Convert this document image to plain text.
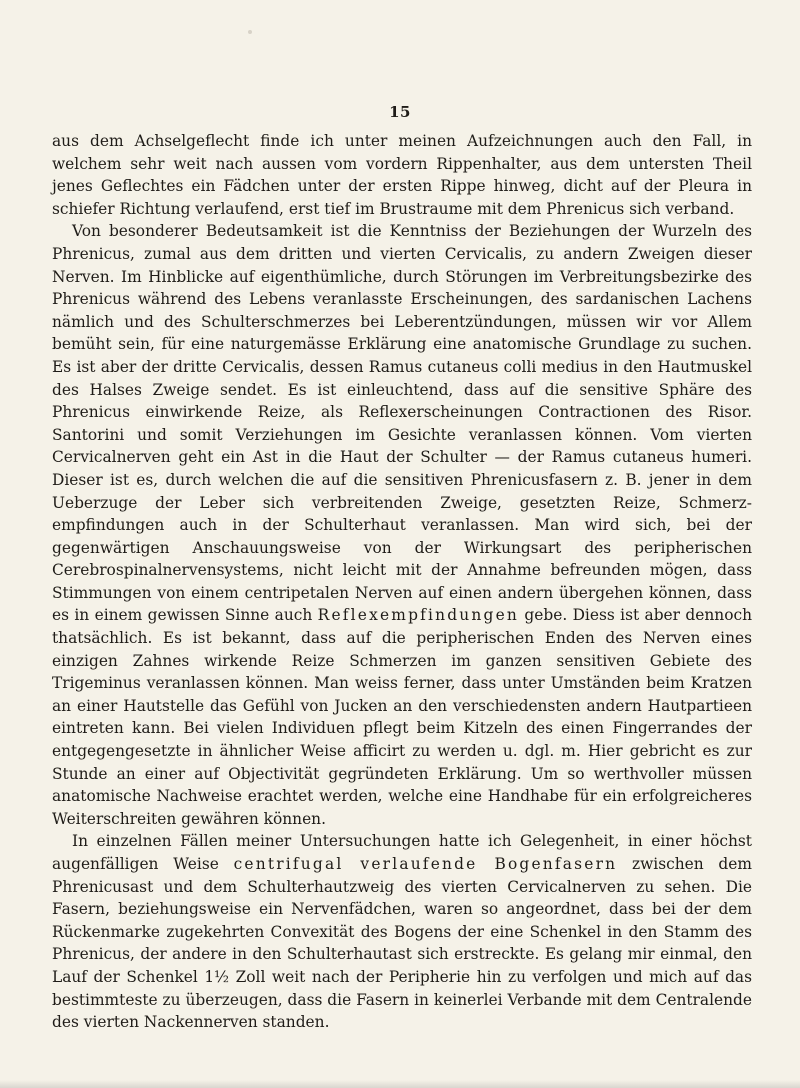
15

aus dem Achselgeflecht finde ich unter meinen Aufzeichnungen auch den Fall, in welchem sehr weit nach aussen vom vordern Rippenhalter, aus dem untersten Theil jenes Geflechtes ein Fädchen unter der ersten Rippe hinweg, dicht auf der Pleura in schiefer Richtung verlaufend, erst tief im Brustraume mit dem Phrenicus sich verband.

Von besonderer Bedeutsamkeit ist die Kenntniss der Beziehungen der Wurzeln des Phrenicus, zumal aus dem dritten und vierten Cervicalis, zu andern Zweigen dieser Nerven. Im Hinblicke auf eigenthümliche, durch Störungen im Verbreitungsbezirke des Phrenicus während des Lebens veranlasste Erscheinungen, des sardanischen Lachens nämlich und des Schulterschmerzes bei Leberentzündungen, müssen wir vor Allem bemüht sein, für eine naturgemässe Erklärung eine anatomische Grundlage zu suchen. Es ist aber der dritte Cervicalis, dessen Ramus cutaneus colli medius in den Hautmuskel des Halses Zweige sendet. Es ist einleuchtend, dass auf die sensitive Sphäre des Phrenicus einwirkende Reize, als Reflexerscheinungen Contractionen des Risor. Santorini und somit Verziehungen im Gesichte veranlassen können. Vom vierten Cervicalnerven geht ein Ast in die Haut der Schulter — der Ramus cutaneus humeri. Dieser ist es, durch welchen die auf die sensitiven Phrenicusfasern z. B. jener in dem Ueberzuge der Leber sich verbreitenden Zweige, gesetzten Reize, Schmerzempfindungen auch in der Schulterhaut veranlassen. Man wird sich, bei der gegenwärtigen Anschauungsweise von der Wirkungsart des peripherischen Cerebrospinalnervensystems, nicht leicht mit der Annahme befreunden mögen, dass Stimmungen von einem centripetalen Nerven auf einen andern übergehen können, dass es in einem gewissen Sinne auch Reflexempfindungen gebe. Diess ist aber dennoch thatsächlich. Es ist bekannt, dass auf die peripherischen Enden des Nerven eines einzigen Zahnes wirkende Reize Schmerzen im ganzen sensitiven Gebiete des Trigeminus veranlassen können. Man weiss ferner, dass unter Umständen beim Kratzen an einer Hautstelle das Gefühl von Jucken an den verschiedensten andern Hautpartieen eintreten kann. Bei vielen Individuen pflegt beim Kitzeln des einen Fingerrandes der entgegengesetzte in ähnlicher Weise afficirt zu werden u. dgl. m. Hier gebricht es zur Stunde an einer auf Objectivität gegründeten Erklärung. Um so werthvoller müssen anatomische Nachweise erachtet werden, welche eine Handhabe für ein erfolgreicheres Weiterschreiten gewähren können.

In einzelnen Fällen meiner Untersuchungen hatte ich Gelegenheit, in einer höchst augenfälligen Weise centrifugal verlaufende Bogenfasern zwischen dem Phrenicusast und dem Schulterhautzweig des vierten Cervicalnerven zu sehen. Die Fasern, beziehungsweise ein Nervenfädchen, waren so angeordnet, dass bei der dem Rückenmarke zugekehrten Convexität des Bogens der eine Schenkel in den Stamm des Phrenicus, der andere in den Schulterhautast sich erstreckte. Es gelang mir einmal, den Lauf der Schenkel 1½ Zoll weit nach der Peripherie hin zu verfolgen und mich auf das bestimmteste zu überzeugen, dass die Fasern in keinerlei Verbande mit dem Centralende des vierten Nackennerven standen.
